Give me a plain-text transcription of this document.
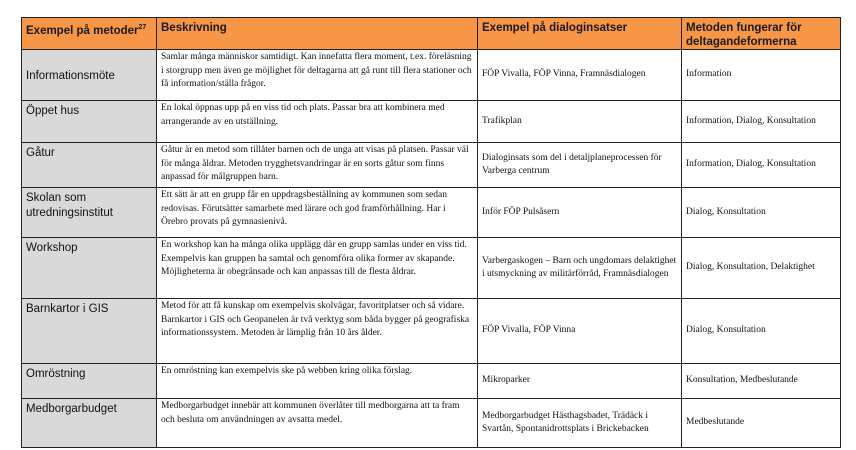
Exempel på metoder$^{27}$	Beskrivning	Exempel på dialoginsatser	Metoden fungerar för deltagandeformerna
Informationsmöte	Samlar många människor samtidigt. Kan innefatta flera moment, t.ex. föreläsning i storgrupp men även ge möjlighet för deltagarna att gå runt till flera stationer och få information/ställa frågor.	FÖP Vivalla, FÖP Vinna, Framnäsdialogen	Information
Öppet hus	En lokal öppnas upp på en viss tid och plats. Passar bra att kombinera med arrangerande av en utställning.	Trafikplan	Information, Dialog, Konsultation
Gåtur	Gåtur är en metod som tillåter barnen och de unga att visas på platsen. Passar väl för många åldrar. Metoden trygghetsvandringar är en sorts gåtur som finns anpassad för målgruppen barn.	Dialoginsats som del i detaljplaneprocessen för Varberga centrum	Information, Dialog, Konsultation
Skolan som utredningsinstitut	Ett sätt är att en grupp får en uppdragsbeställning av kommunen som sedan redovisas. Förutsätter samarbete med lärare och god framförhållning. Har i Örebro provats på gymnasienivå.	Inför FÖP Pulsåsern	Dialog, Konsultation
Workshop	En workshop kan ha många olika upplägg där en grupp samlas under en viss tid. Exempelvis kan gruppen ha samtal och genomföra olika former av skapande. Möjligheterna är obegränsade och kan anpassas till de flesta åldrar.	Varbergaskogen – Barn och ungdomars delaktighet i utsmyckning av militärförråd, Framnäsdialogen	Dialog, Konsultation, Delaktighet
Barnkartor i GIS	Metod för att få kunskap om exempelvis skolvägar, favoritplatser och så vidare. Barnkartor i GIS och Geopanelen är två verktyg som båda bygger på geografiska informationssystem. Metoden är lämplig från 10 års ålder.	FÖP Vivalla, FÖP Vinna	Dialog, Konsultation
Omröstning	En omröstning kan exempelvis ske på webben kring olika förslag.	Mikroparker	Konsultation, Medbeslutande
Medborgarbudget	Medborgarbudget innebär att kommunen överlåter till medborgarna att ta fram och besluta om användningen av avsatta medel.	Medborgarbudget Hästhagsbadet, Trädäck i Svartån, Spontanidrottsplats i Brickebacken	Medbeslutande
